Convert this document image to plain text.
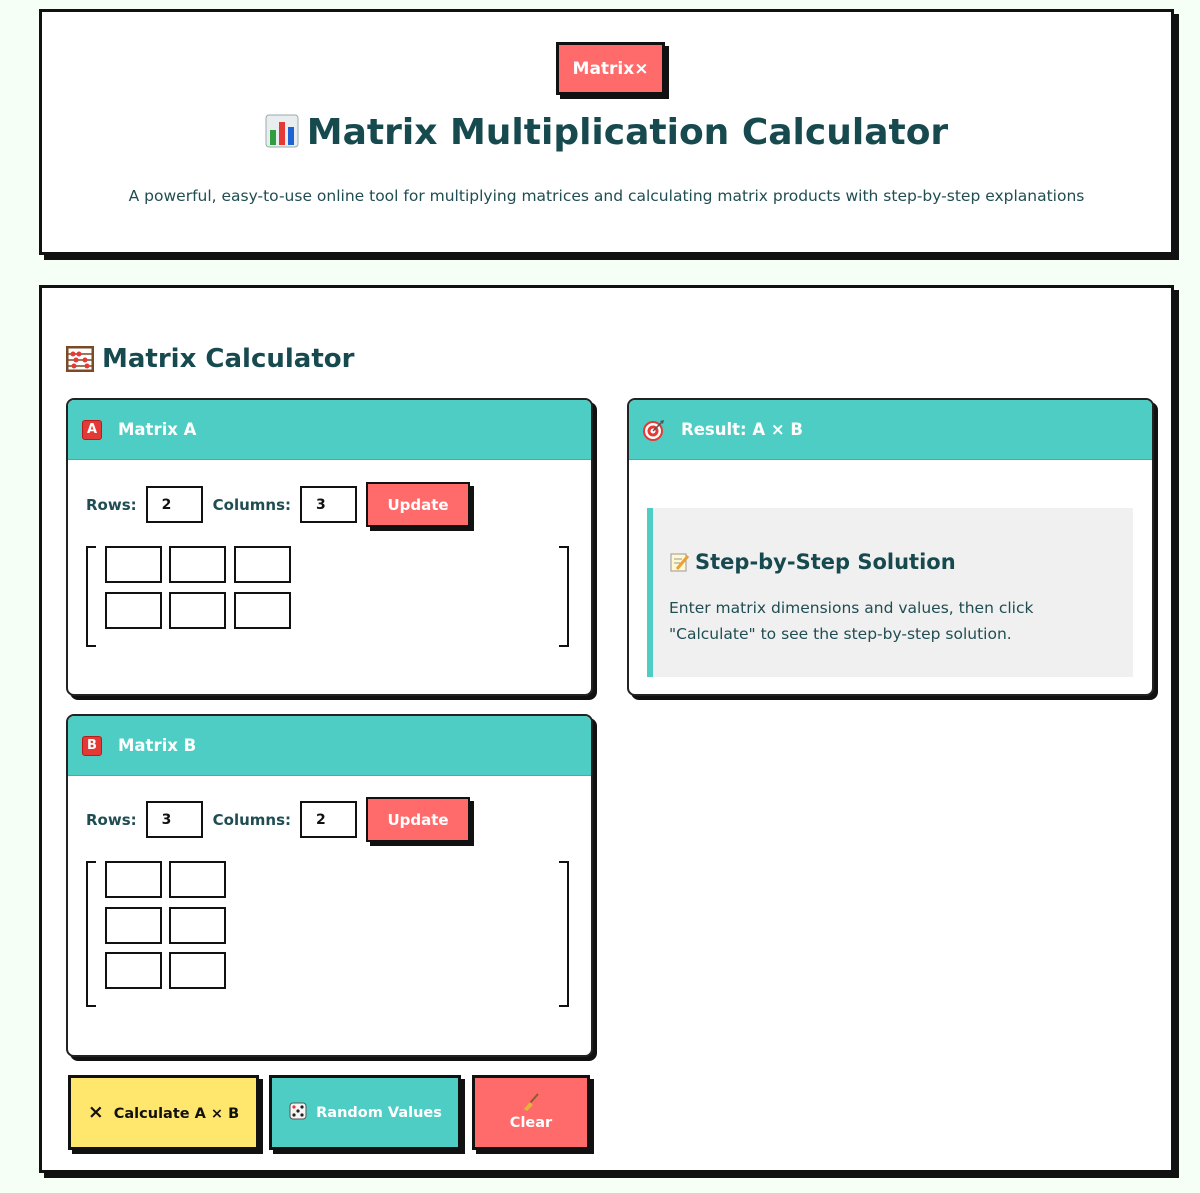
Matrix×
Matrix Multiplication Calculator
A powerful, easy-to-use online tool for multiplying matrices and calculating matrix products with step-by-step explanations
Matrix Calculator
A	Matrix A
Rows:
2	Columns:
3	Update
Result: A × B
Step-by-Step Solution
Enter matrix dimensions and values, then click "Calculate" to see the step-by-step solution.
B	Matrix B
Rows:
3	Columns:
2	Update
× Calculate A × B	Random Values
Clear
